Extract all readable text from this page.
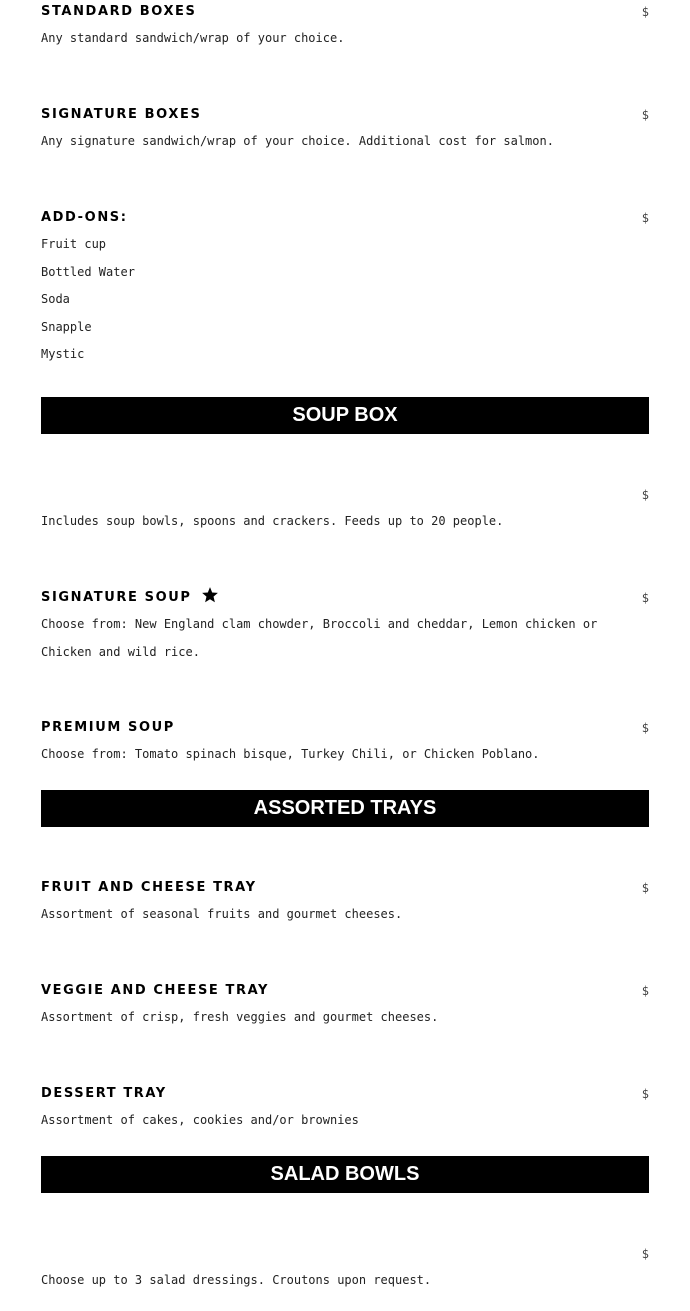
STANDARD BOXES	$
Any standard sandwich/wrap of your choice.
SIGNATURE BOXES	$
Any signature sandwich/wrap of your choice. Additional cost for salmon.
ADD-ONS:	$
Fruit cup
Bottled Water
Soda
Snapple
Mystic
SOUP BOX
$
Includes soup bowls, spoons and crackers. Feeds up to 20 people.
SIGNATURE SOUP	$
Choose from: New England clam chowder, Broccoli and cheddar, Lemon chicken or Chicken and wild rice.
PREMIUM SOUP	$
Choose from: Tomato spinach bisque, Turkey Chili, or Chicken Poblano.
ASSORTED TRAYS
FRUIT AND CHEESE TRAY	$
Assortment of seasonal fruits and gourmet cheeses.
VEGGIE AND CHEESE TRAY	$
Assortment of crisp, fresh veggies and gourmet cheeses.
DESSERT TRAY	$
Assortment of cakes, cookies and/or brownies
SALAD BOWLS
$
Choose up to 3 salad dressings. Croutons upon request.
